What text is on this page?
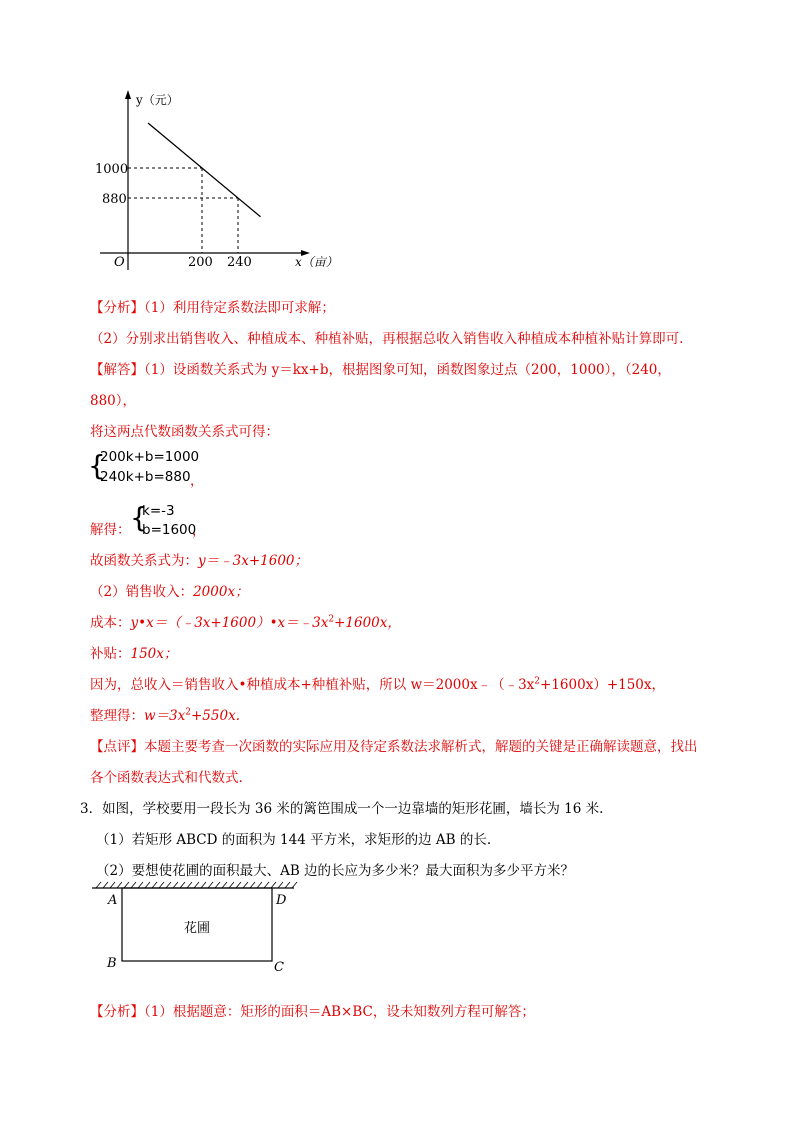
y（元）
x（亩）
O
1000
880
200 240
【分析】（1）利用待定系数法即可求解；
（2）分别求出销售收入、种植成本、种植补贴，再根据总收入销售收入种植成本种植补贴计算即可.
【解答】（1）设函数关系式为 y＝kx+b，根据图象可知，函数图象过点（200，1000），（240，
880），
将这两点代数函数关系式可得：
{
200k+b=1000
240k+b=880 ，
解得： {
k=-3
b=1600
，
故函数关系式为：y＝﹣3x+1600；
（2）销售收入：2000x；
成本：$y•x=(﹣3x+1600)•x=﹣3x^2+1600x$，
补贴：150x；
因为，总收入＝销售收入•种植成本+种植补贴，所以 $w=2000x﹣(﹣3x^2+1600x)+150x$，
整理得：$w=3x^2+550x$.
【点评】本题主要考查一次函数的实际应用及待定系数法求解析式，解题的关键是正确解读题意，找出
各个函数表达式和代数式.
3．如图，学校要用一段长为 36 米的篱笆围成一个一边靠墙的矩形花圃，墙长为 16 米.
（1）若矩形 ABCD 的面积为 144 平方米，求矩形的边 AB 的长.
（2）要想使花圃的面积最大、AB 边的长应为多少米？最大面积为多少平方米？
A
B	C
D
花圃
【分析】（1）根据题意：矩形的面积＝AB×BC，设未知数列方程可解答；
